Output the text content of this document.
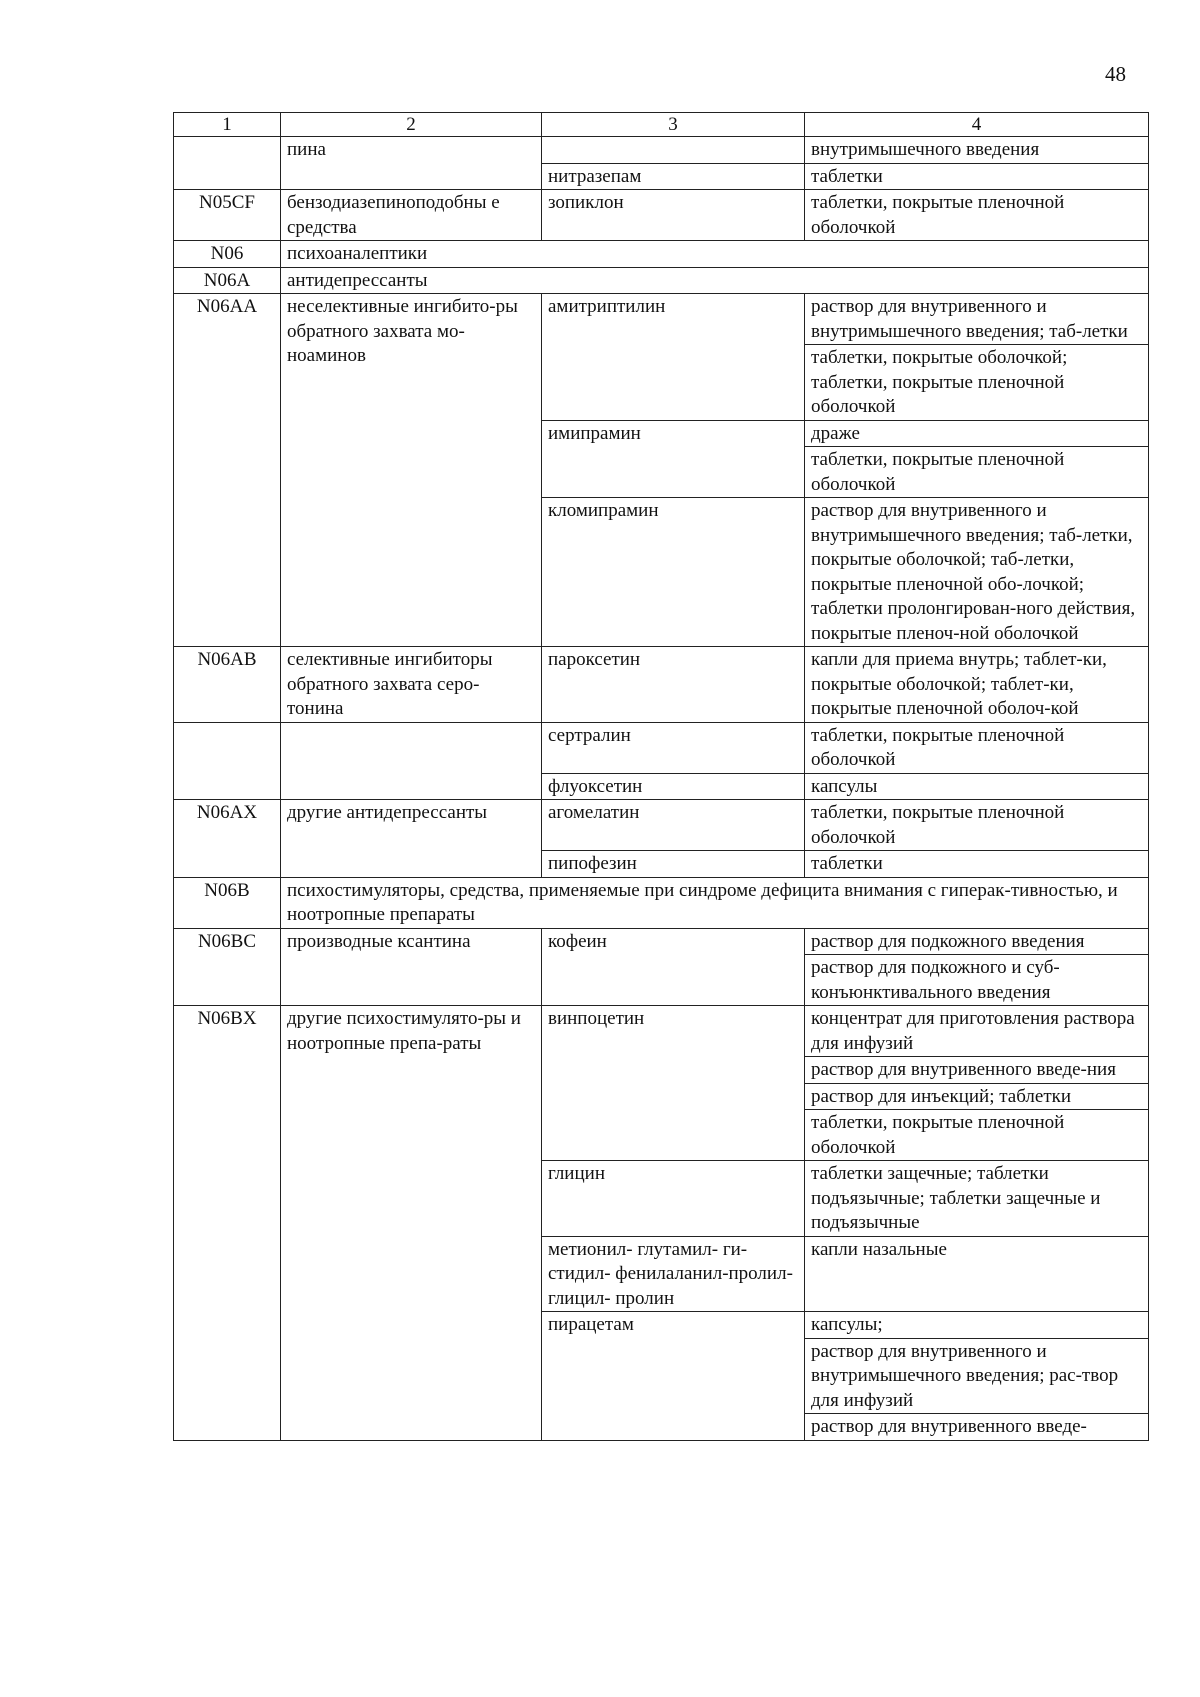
48
1	2	3	4
	пина		внутримышечного введения
		нитразепам	таблетки
N05CF	бензодиазепиноподобны е средства	зопиклон	таблетки, покрытые пленочной оболочкой
N06	психоаналептики		
N06A	антидепрессанты		
N06AA	неселективные ингибито-ры обратного захвата мо-ноаминов	амитриптилин	раствор для внутривенного и внутримышечного введения; таб-летки
			таблетки, покрытые оболочкой; таблетки, покрытые пленочной оболочкой
		имипрамин	драже
			таблетки, покрытые пленочной оболочкой
		кломипрамин	раствор для внутривенного и внутримышечного введения; таб-летки, покрытые оболочкой; таб-летки, покрытые пленочной обо-лочкой; таблетки пролонгирован-ного действия, покрытые пленоч-ной оболочкой
N06AB	селективные ингибиторы обратного захвата серо-тонина	пароксетин	капли для приема внутрь; таблет-ки, покрытые оболочкой; таблет-ки, покрытые пленочной оболоч-кой
		сертралин	таблетки, покрытые пленочной оболочкой
		флуоксетин	капсулы
N06AX	другие антидепрессанты	агомелатин	таблетки, покрытые пленочной оболочкой
		пипофезин	таблетки
N06B	психостимуляторы, средства, применяемые при синдроме дефицита внимания с гиперак-тивностью, и ноотропные препараты		
N06BC	производные ксантина	кофеин	раствор для подкожного введения
			раствор для подкожного и суб-конъюнктивального введения
N06BX	другие психостимулято-ры и ноотропные препа-раты	винпоцетин	концентрат для приготовления раствора для инфузий
			раствор для внутривенного введе-ния
			раствор для инъекций; таблетки
			таблетки, покрытые пленочной оболочкой
		глицин	таблетки защечные; таблетки подъязычные; таблетки защечные и подъязычные
		метионил- глутамил- ги-стидил- фенилаланил-пролил-глицил- пролин	капли назальные
		пирацетам	капсулы;
			раствор для внутривенного и внутримышечного введения; рас-твор для инфузий
			раствор для внутривенного введе-
